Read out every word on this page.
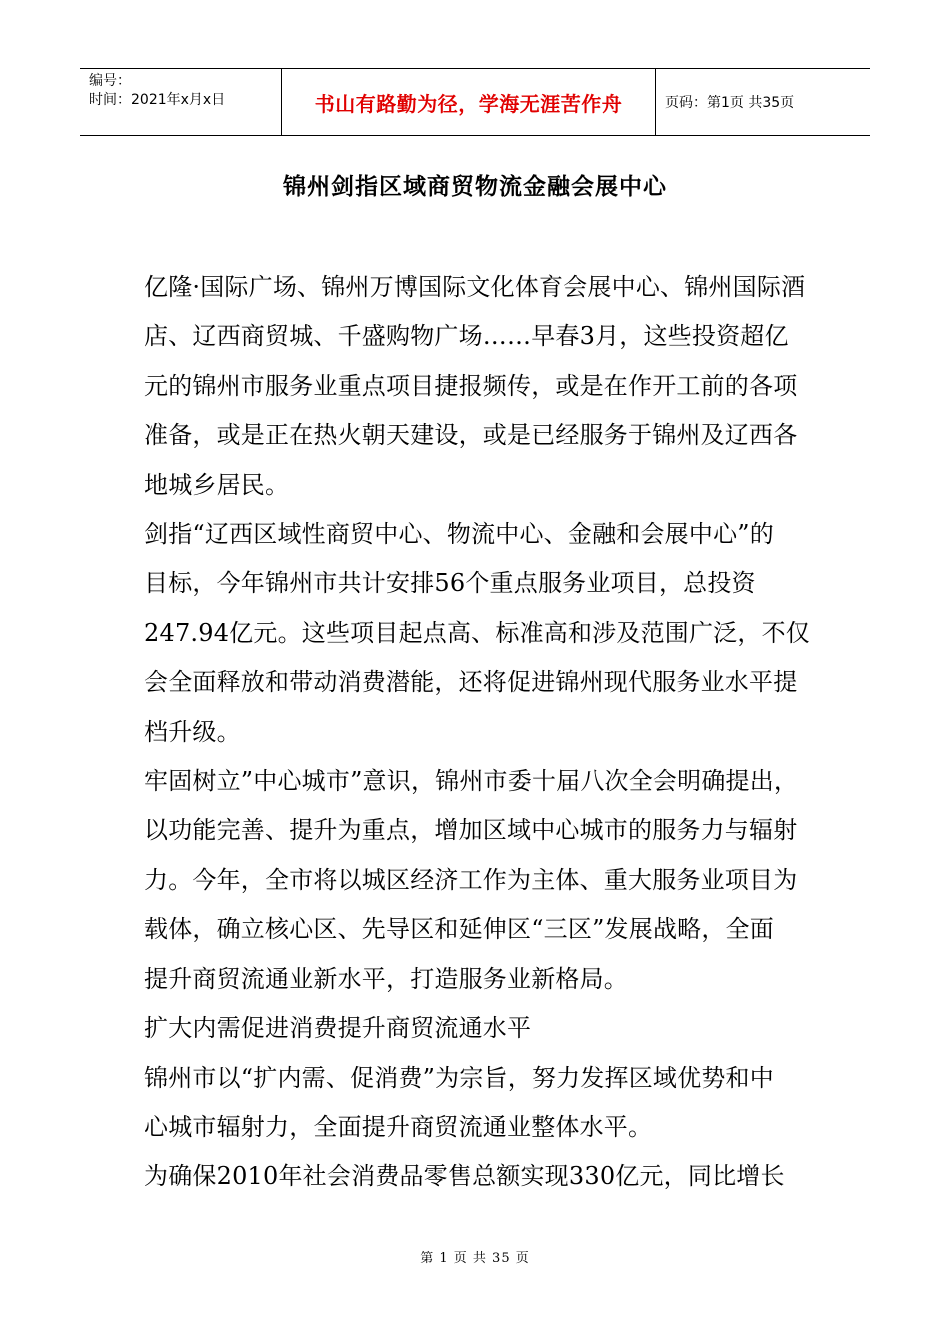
编号：
时间：2021年x月x日	书山有路勤为径，学海无涯苦作舟	页码：第1页 共35页
锦州剑指区域商贸物流金融会展中心

亿隆·国际广场、锦州万博国际文化体育会展中心、锦州国际酒

店、辽西商贸城、千盛购物广场……早春3月，这些投资超亿

元的锦州市服务业重点项目捷报频传，或是在作开工前的各项

准备，或是正在热火朝天建设，或是已经服务于锦州及辽西各

地城乡居民。

剑指“辽西区域性商贸中心、物流中心、金融和会展中心”的

目标，今年锦州市共计安排56个重点服务业项目，总投资

247.94亿元。这些项目起点高、标准高和涉及范围广泛，不仅

会全面释放和带动消费潜能，还将促进锦州现代服务业水平提

档升级。

牢固树立”中心城市”意识，锦州市委十届八次全会明确提出，

以功能完善、提升为重点，增加区域中心城市的服务力与辐射

力。今年，全市将以城区经济工作为主体、重大服务业项目为

载体，确立核心区、先导区和延伸区“三区”发展战略，全面

提升商贸流通业新水平，打造服务业新格局。

扩大内需促进消费提升商贸流通水平

锦州市以“扩内需、促消费”为宗旨，努力发挥区域优势和中

心城市辐射力，全面提升商贸流通业整体水平。

为确保2010年社会消费品零售总额实现330亿元，同比增长

第 1 页 共 35 页
